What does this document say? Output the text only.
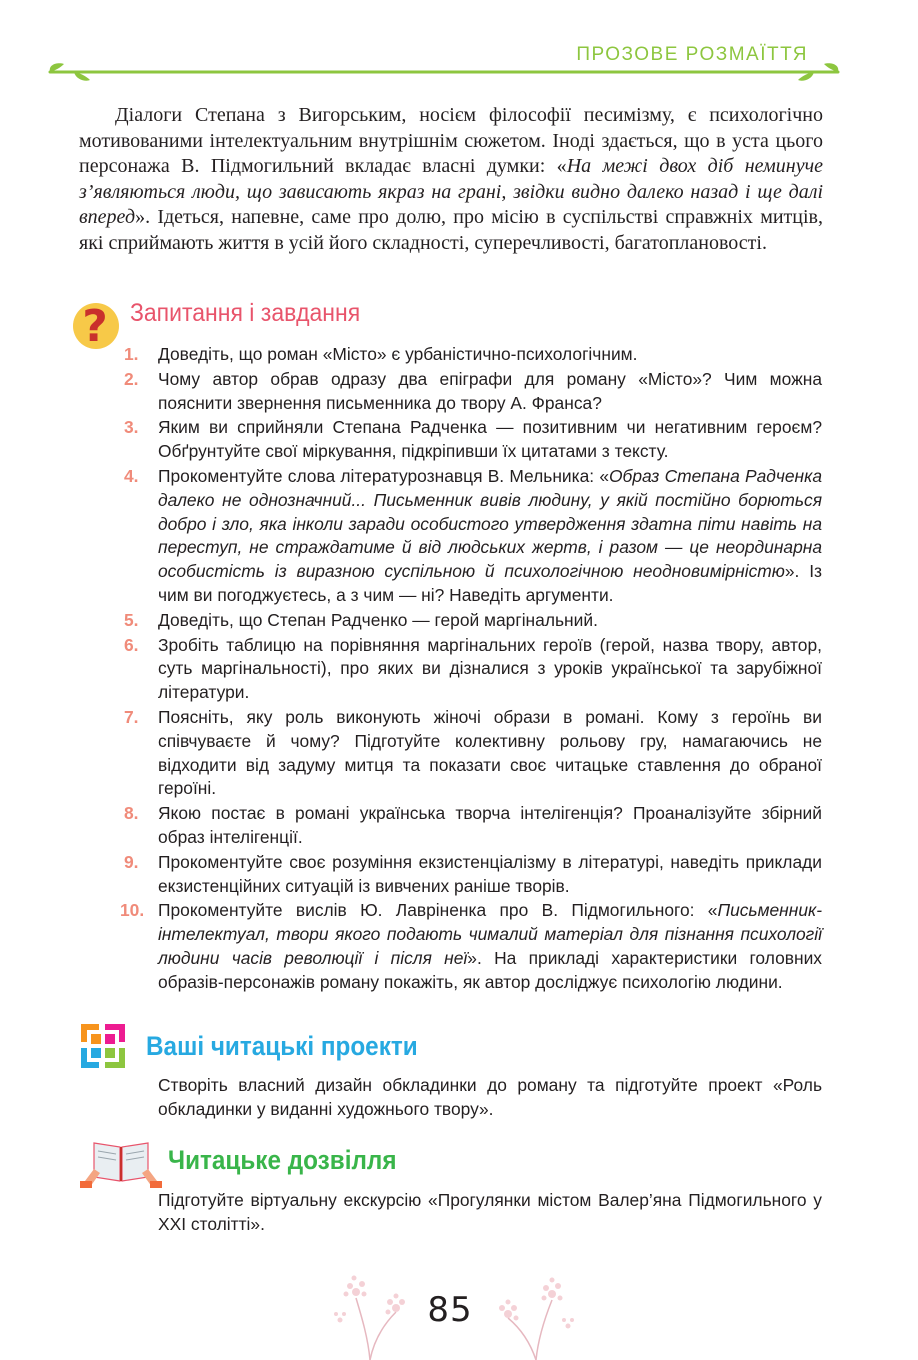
ПРОЗОВЕ РОЗМАЇТТЯ

Діалоги Степана з Вигорським, носієм філософії песимізму, є психологічно мотивованими інтелектуальним внутрішнім сюжетом. Іноді здається, що в уста цього персонажа В. Підмогильний вкладає власні думки: «На межі двох діб неминуче з’являються люди, що зависають якраз на грані, звідки видно далеко назад і ще далі вперед». Ідеться, напевне, саме про долю, про місію в суспільстві справжніх митців, які сприймають життя в усій його складності, суперечливості, багатоплановості.

? Запитання і завдання
1.	Доведіть, що роман «Місто» є урбаністично-психологічним.
2.	Чому автор обрав одразу два епіграфи для роману «Місто»? Чим можна пояснити звернення письменника до твору А. Франса?
3.	Яким ви сприйняли Степана Радченка — позитивним чи негативним героєм? Обґрунтуйте свої міркування, підкріпивши їх цитатами з тексту.
4.	Прокоментуйте слова літературознавця В. Мельника: «Образ Степана Радченка далеко не однозначний... Письменник вивів людину, у якій постійно борються добро і зло, яка інколи заради особистого утвердження здатна піти навіть на переступ, не страждатиме й від людських жертв, і разом — це неординарна особистість із виразною суспільною й психологічною неодновимірністю». Із чим ви погоджуєтесь, а з чим — ні? Наведіть аргументи.
5.	Доведіть, що Степан Радченко — герой маргінальний.
6.	Зробіть таблицю на порівняння маргінальних героїв (герой, назва твору, автор, суть маргінальності), про яких ви дізналися з уроків української та зарубіжної літератури.
7.	Поясніть, яку роль виконують жіночі образи в романі. Кому з героїнь ви співчуваєте й чому? Підготуйте колективну рольову гру, намагаючись не відходити від задуму митця та показати своє читацьке ставлення до обраної героїні.
8.	Якою постає в романі українська творча інтелігенція? Проаналізуйте збірний образ інтелігенції.
9.	Прокоментуйте своє розуміння екзистенціалізму в літературі, наведіть приклади екзистенційних ситуацій із вивчених раніше творів.
10. Прокоментуйте вислів Ю. Лавріненка про В. Підмогильного: «Письменник-інтелектуал, твори якого подають чималий матеріал для пізнання психології людини часів революції і після неї». На прикладі характеристики головних образів-персонажів роману покажіть, як автор досліджує психологію людини.
Ваші читацькі проекти

Створіть власний дизайн обкладинки до роману та підготуйте проект «Роль обкладинки у виданні художнього твору».

Читацьке дозвілля

Підготуйте віртуальну екскурсію «Прогулянки містом Валер’яна Підмогильного у ХХІ столітті».

85
